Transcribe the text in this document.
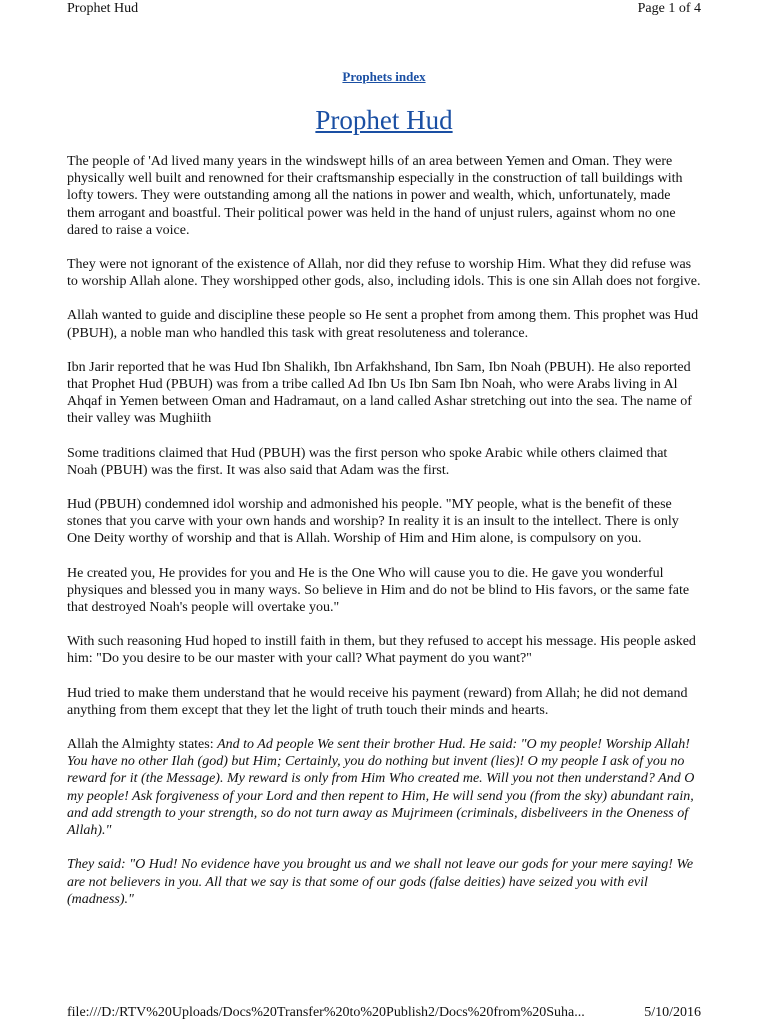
Prophet Hud	Page 1 of 4
Prophets index
Prophet Hud

The people of 'Ad lived many years in the windswept hills of an area between Yemen and Oman. They were physically well built and renowned for their craftsmanship especially in the construction of tall buildings with lofty towers. They were outstanding among all the nations in power and wealth, which, unfortunately, made them arrogant and boastful. Their political power was held in the hand of unjust rulers, against whom no one dared to raise a voice.

They were not ignorant of the existence of Allah, nor did they refuse to worship Him. What they did refuse was to worship Allah alone. They worshipped other gods, also, including idols. This is one sin Allah does not forgive.

Allah wanted to guide and discipline these people so He sent a prophet from among them. This prophet was Hud (PBUH), a noble man who handled this task with great resoluteness and tolerance.

Ibn Jarir reported that he was Hud Ibn Shalikh, Ibn Arfakhshand, Ibn Sam, Ibn Noah (PBUH). He also reported that Prophet Hud (PBUH) was from a tribe called Ad Ibn Us Ibn Sam Ibn Noah, who were Arabs living in Al Ahqaf in Yemen between Oman and Hadramaut, on a land called Ashar stretching out into the sea. The name of their valley was Mughiith

Some traditions claimed that Hud (PBUH) was the first person who spoke Arabic while others claimed that Noah (PBUH) was the first. It was also said that Adam was the first.

Hud (PBUH) condemned idol worship and admonished his people. "MY people, what is the benefit of these stones that you carve with your own hands and worship? In reality it is an insult to the intellect. There is only One Deity worthy of worship and that is Allah. Worship of Him and Him alone, is compulsory on you.

He created you, He provides for you and He is the One Who will cause you to die. He gave you wonderful physiques and blessed you in many ways. So believe in Him and do not be blind to His favors, or the same fate that destroyed Noah's people will overtake you."

With such reasoning Hud hoped to instill faith in them, but they refused to accept his message. His people asked him: "Do you desire to be our master with your call? What payment do you want?"

Hud tried to make them understand that he would receive his payment (reward) from Allah; he did not demand anything from them except that they let the light of truth touch their minds and hearts.

Allah the Almighty states: And to Ad people We sent their brother Hud. He said: "O my people! Worship Allah! You have no other Ilah (god) but Him; Certainly, you do nothing but invent (lies)! O my people I ask of you no reward for it (the Message). My reward is only from Him Who created me. Will you not then understand? And O my people! Ask forgiveness of your Lord and then repent to Him, He will send you (from the sky) abundant rain, and add strength to your strength, so do not turn away as Mujrimeen (criminals, disbeliveers in the Oneness of Allah)."

They said: "O Hud! No evidence have you brought us and we shall not leave our gods for your mere saying! We are not believers in you. All that we say is that some of our gods (false deities) have seized you with evil (madness)."

file:///D:/RTV%20Uploads/Docs%20Transfer%20to%20Publish2/Docs%20from%20Suha...	5/10/2016
